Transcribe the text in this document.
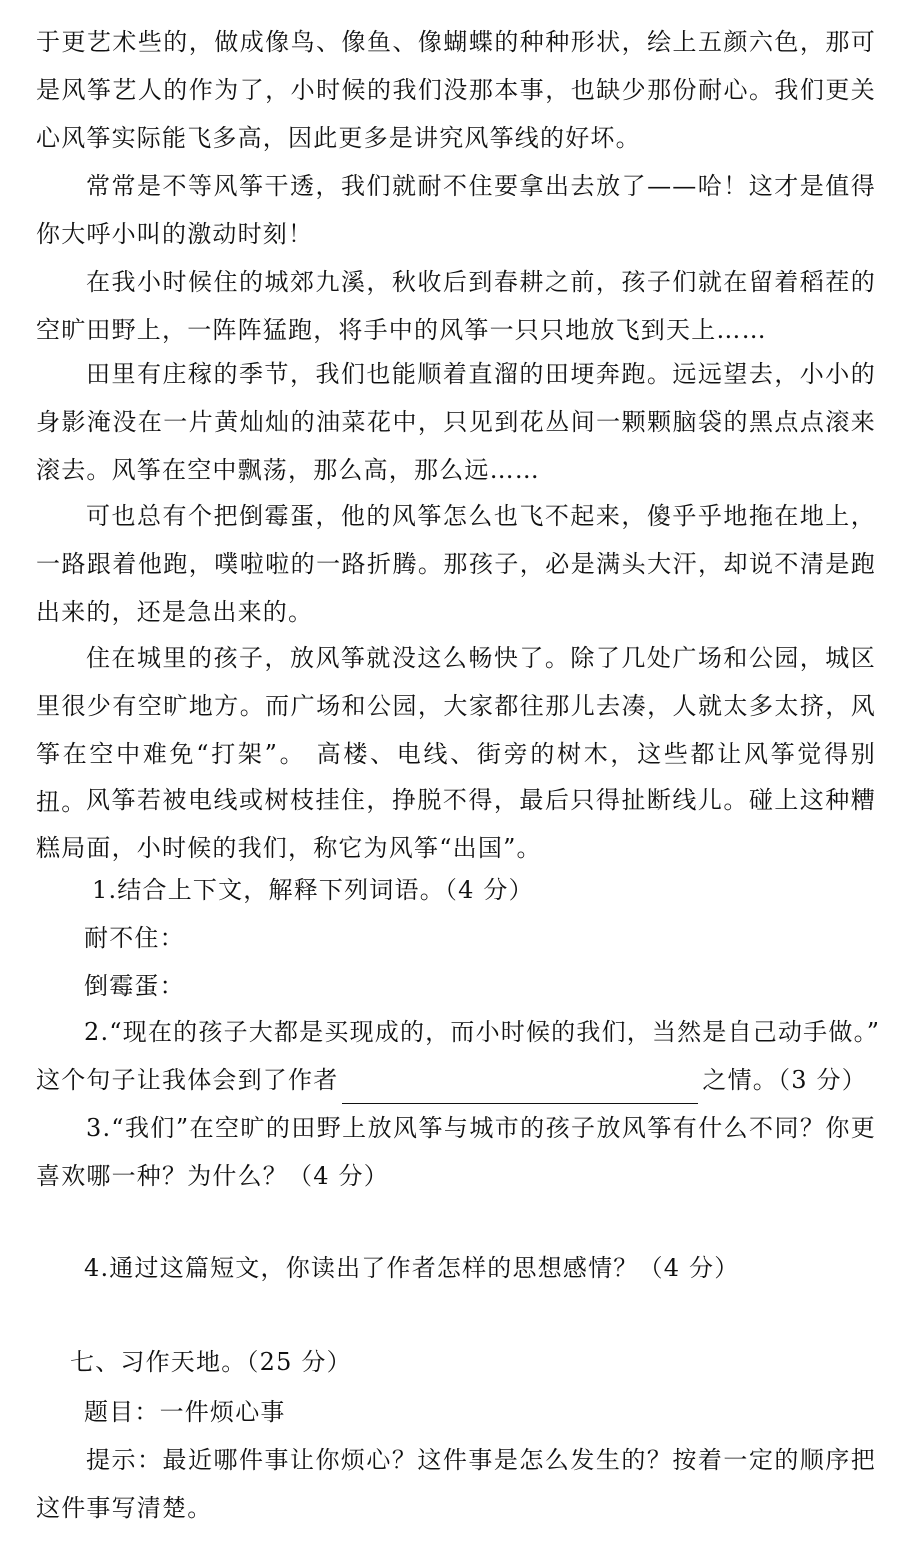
于更艺术些的，做成像鸟、像鱼、像蝴蝶的种种形状，绘上五颜六色，那可是风筝艺人的作为了，小时候的我们没那本事，也缺少那份耐心。我们更关心风筝实际能飞多高，因此更多是讲究风筝线的好坏。

常常是不等风筝干透，我们就耐不住要拿出去放了——哈！这才是值得你大呼小叫的激动时刻！

在我小时候住的城郊九溪，秋收后到春耕之前，孩子们就在留着稻茬的空旷田野上，一阵阵猛跑，将手中的风筝一只只地放飞到天上……

田里有庄稼的季节，我们也能顺着直溜的田埂奔跑。远远望去，小小的身影淹没在一片黄灿灿的油菜花中，只见到花丛间一颗颗脑袋的黑点点滚来滚去。风筝在空中飘荡，那么高，那么远……

可也总有个把倒霉蛋，他的风筝怎么也飞不起来，傻乎乎地拖在地上，一路跟着他跑，噗啦啦的一路折腾。那孩子，必是满头大汗，却说不清是跑出来的，还是急出来的。

住在城里的孩子，放风筝就没这么畅快了。除了几处广场和公园，城区里很少有空旷地方。而广场和公园，大家都往那儿去凑，人就太多太挤，风筝在空中难免“打架”。 高楼、电线、街旁的树木，这些都让风筝觉得别扭。 风筝若被电线或树枝挂住，挣脱不得，最后只得扯断线儿。碰上这种糟糕局面，小时候的我们，称它为风筝“出国”。

1.结合上下文，解释下列词语。（4 分）

耐不住：

倒霉蛋：

2.“现在的孩子大都是买现成的，而小时候的我们，当然是自己动手做。”

这个句子让我体会到了作者	之情。（3 分）

3.“我们”在空旷的田野上放风筝与城市的孩子放风筝有什么不同？你更喜欢哪一种？为什么？（4 分）

4.通过这篇短文，你读出了作者怎样的思想感情？（4 分）

七、习作天地。（25 分）

题目：一件烦心事

提示：最近哪件事让你烦心？这件事是怎么发生的？按着一定的顺序把这件事写清楚。
